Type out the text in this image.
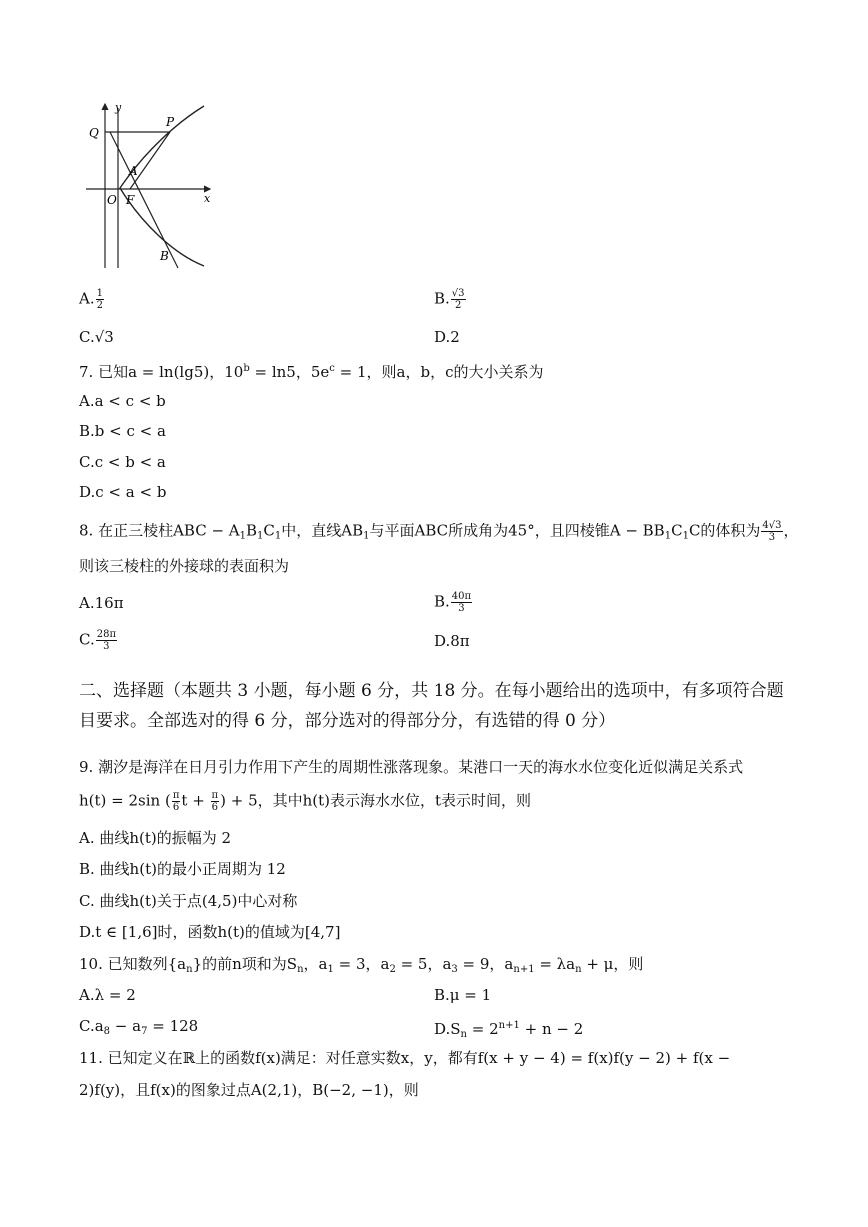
y
x
Q
P
A
O F
B
A. $\frac{1}{2}$	B. $\frac{√3}{2}$
C.√3	D.2
7. 已知a = ln(lg5)，$10^b = \ln 5$，$5e^c = 1$，则a，b，c的大小关系为
A.a < c < b
B.b < c < a
C.c < b < a
D.c < a < b
8. 在正三棱柱ABC − $A_1B_1C_1$中，直线$AB_1$与平面ABC所成角为45°，且四棱锥$A - BB_1C_1C$的体积为 $\frac{4√3}{3}$ ，
则该三棱柱的外接球的表面积为
A.16π	B. $\frac{40\pi}{3}$
C. $\frac{28\pi}{3}$	D.8π
二、选择题（本题共 3 小题，每小题 6 分，共 18 分。在每小题给出的选项中，有多项符合题
目要求。全部选对的得 6 分，部分选对的得部分分，有选错的得 0 分）
9. 潮汐是海洋在日月引力作用下产生的周期性涨落现象。某港口一天的海水水位变化近似满足关系式
h(t) = 2sin ( $\frac{\pi}{6}$ $t + \frac{\pi}{6}$ ) + 5，其中h(t)表示海水水位，t表示时间，则
A. 曲线h(t)的振幅为 2
B. 曲线h(t)的最小正周期为 12
C. 曲线h(t)关于点(4,5)中心对称
D.t ∈ [1,6]时，函数h(t)的值域为[4,7]
10. 已知数列$\{a_n\}$的前n项和为$S_n$，$a_1 = 3$，$a_2 = 5$，$a_3 = 9$，$a_{n+1} = \lambda a_n + \mu$，则
A.λ = 2	B.μ = 1
$C.a_8 - a_7 = 128$	$D.S_n = 2^{n+1} + n - 2$
11. 已知定义在ℝ上的函数f(x)满足：对任意实数x，y，都有f(x + y − 4) = f(x)f(y − 2) + f(x −
2)f(y)，且f(x)的图象过点A(2,1)，B(−2, −1)，则
